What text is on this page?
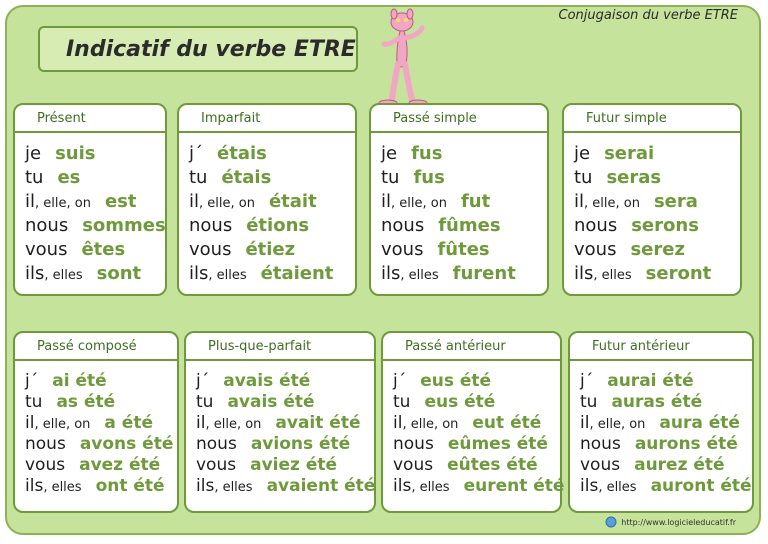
Indicatif du verbe ETRE
Conjugaison du verbe ETRE
Présent
je suis
tu es
il , elle, on est
nous sommes
vous êtes
ils , elles sont
Imparfait
j´ étais
tu étais
il , elle, on était
nous étions
vous étiez
ils , elles étaient
Passé simple
je fus
tu fus
il , elle, on fut
nous fûmes
vous fûtes
ils , elles furent
Futur simple
je serai
tu seras
il , elle, on sera
nous serons
vous serez
ils , elles seront
Passé composé
j´ ai été
tu as été
il , elle, on a été
nous avons été
vous avez été
ils , elles ont été
Plus-que-parfait
j´ avais été
tu avais été
il , elle, on avait été
nous avions été
vous aviez été
ils , elles avaient été
Passé antérieur
j´ eus été
tu eus été
il , elle, on eut été
nous eûmes été
vous eûtes été
ils , elles eurent été
Futur antérieur
j´ aurai été
tu auras été
il , elle, on aura été
nous aurons été
vous aurez été
ils , elles auront été
http://www.logicieleducatif.fr
